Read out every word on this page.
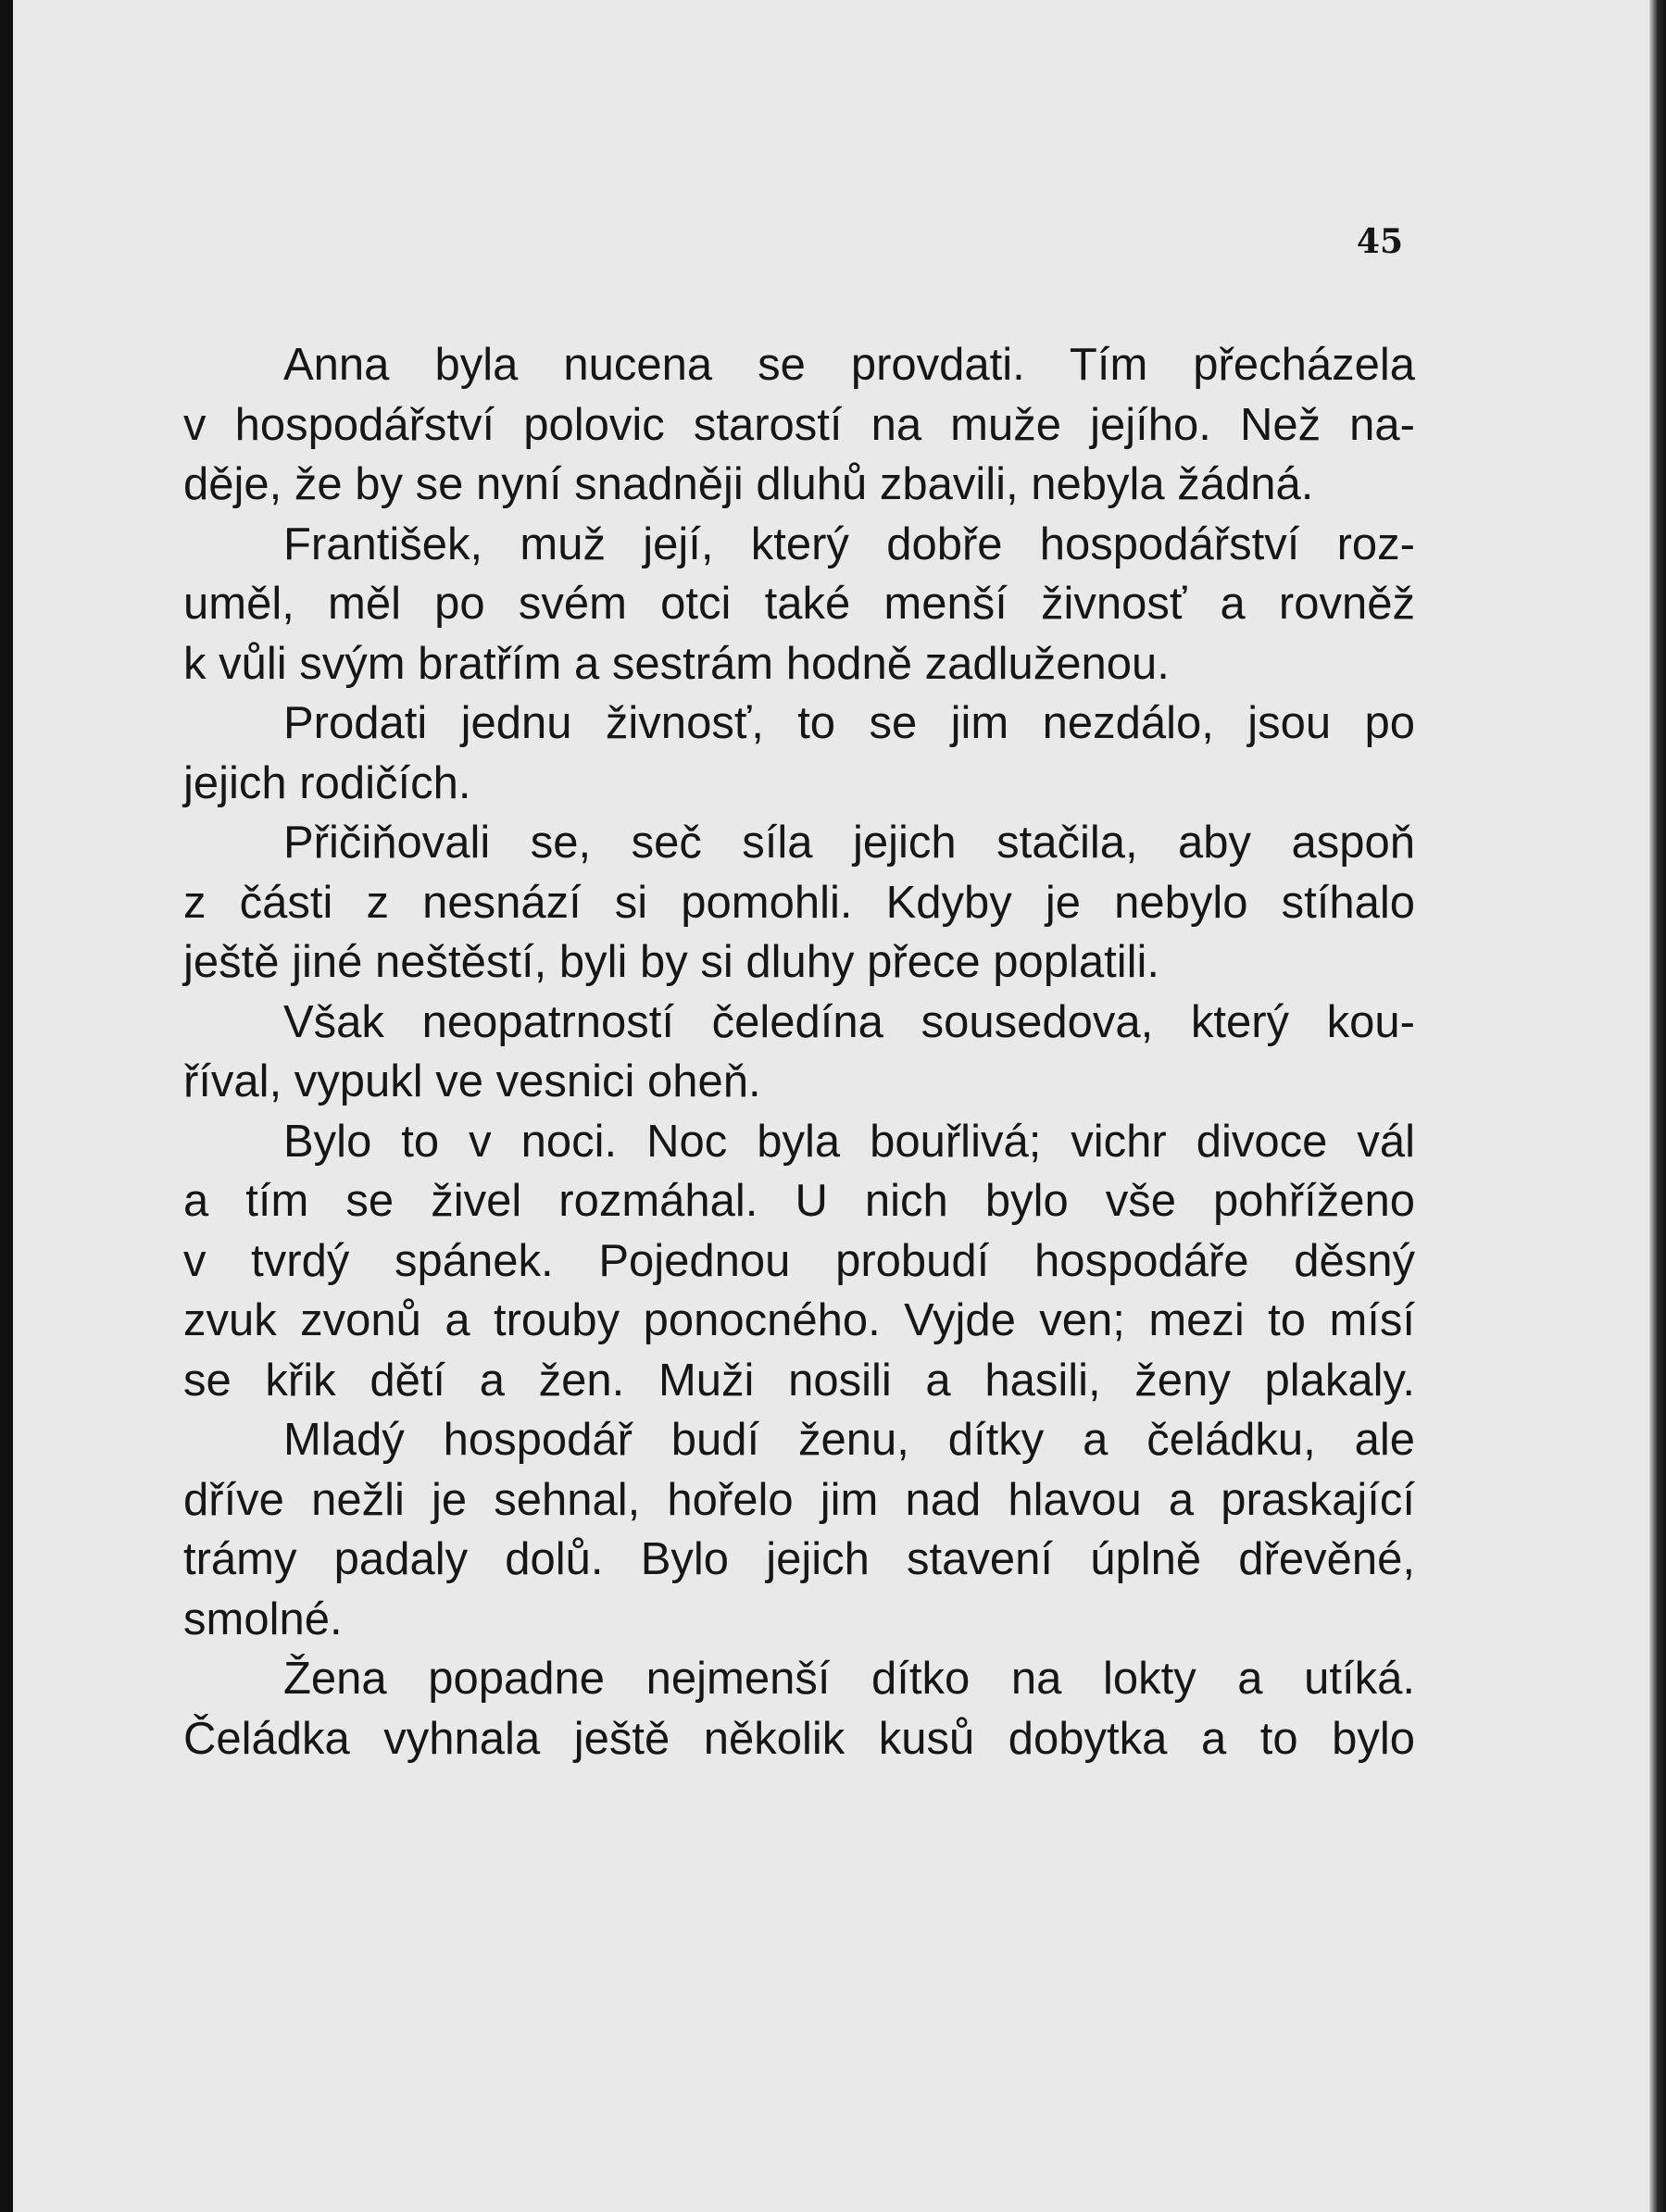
45
Anna byla nucena se provdati. Tím přecházela
v hospodářství polovic starostí na muže jejího. Než na-
děje, že by se nyní snadněji dluhů zbavili, nebyla žádná.
František, muž její, který dobře hospodářství roz-
uměl, měl po svém otci také menší živnosť a rovněž
k vůli svým bratřím a sestrám hodně zadluženou.
Prodati jednu živnosť, to se jim nezdálo, jsou po
jejich rodičích.
Přičiňovali se, seč síla jejich stačila, aby aspoň
z části z nesnází si pomohli. Kdyby je nebylo stíhalo
ještě jiné neštěstí, byli by si dluhy přece poplatili.
Však neopatrností čeledína sousedova, který kou-
říval, vypukl ve vesnici oheň.
Bylo to v noci. Noc byla bouřlivá; vichr divoce vál
a tím se živel rozmáhal. U nich bylo vše pohříženo
v tvrdý spánek. Pojednou probudí hospodáře děsný
zvuk zvonů a trouby ponocného. Vyjde ven; mezi to mísí
se křik dětí a žen. Muži nosili a hasili, ženy plakaly.
Mladý hospodář budí ženu, dítky a čeládku, ale
dříve nežli je sehnal, hořelo jim nad hlavou a praskající
trámy padaly dolů. Bylo jejich stavení úplně dřevěné,
smolné.
Žena popadne nejmenší dítko na lokty a utíká.
Čeládka vyhnala ještě několik kusů dobytka a to bylo
